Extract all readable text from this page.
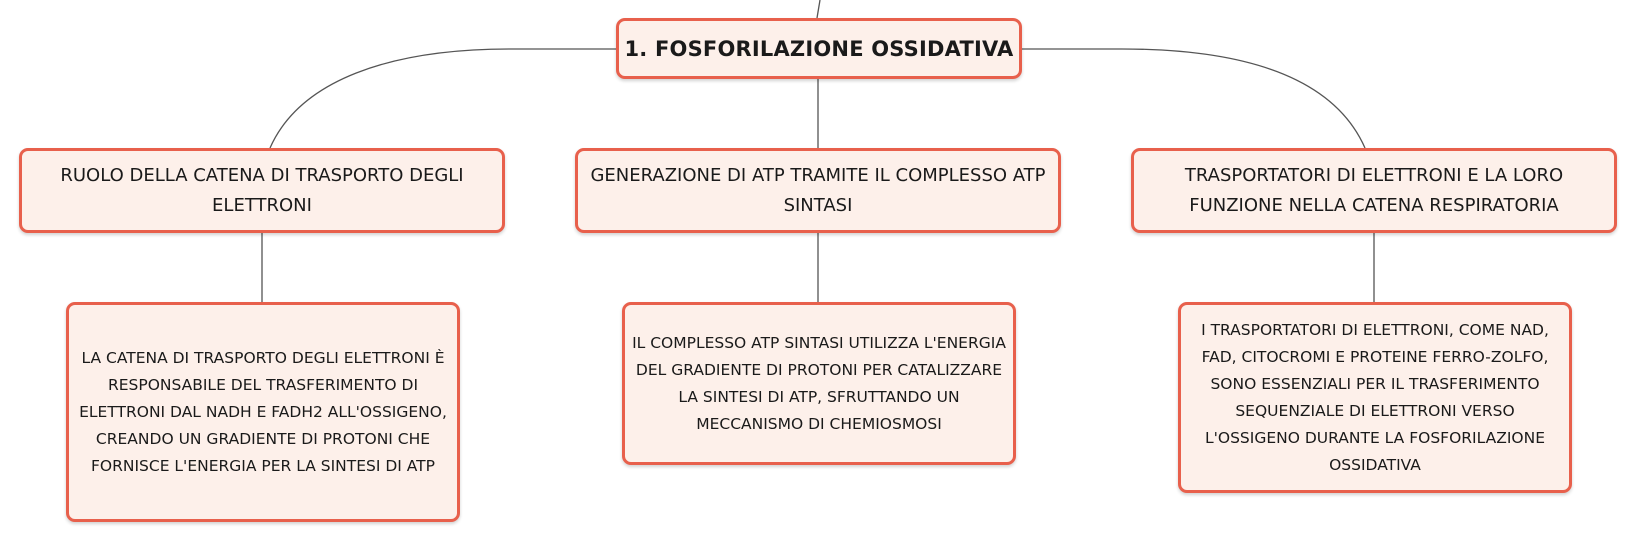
1. FOSFORILAZIONE OSSIDATIVA
RUOLO DELLA CATENA DI TRASPORTO DEGLI ELETTRONI
GENERAZIONE DI ATP TRAMITE IL COMPLESSO ATP SINTASI
TRASPORTATORI DI ELETTRONI E LA LORO FUNZIONE NELLA CATENA RESPIRATORIA
LA CATENA DI TRASPORTO DEGLI ELETTRONI È RESPONSABILE DEL TRASFERIMENTO DI ELETTRONI DAL NADH E FADH2 ALL'OSSIGENO, CREANDO UN GRADIENTE DI PROTONI CHE FORNISCE L'ENERGIA PER LA SINTESI DI ATP
IL COMPLESSO ATP SINTASI UTILIZZA L'ENERGIA DEL GRADIENTE DI PROTONI PER CATALIZZARE LA SINTESI DI ATP, SFRUTTANDO UN MECCANISMO DI CHEMIOSMOSI
I TRASPORTATORI DI ELETTRONI, COME NAD, FAD, CITOCROMI E PROTEINE FERRO-ZOLFO, SONO ESSENZIALI PER IL TRASFERIMENTO SEQUENZIALE DI ELETTRONI VERSO L'OSSIGENO DURANTE LA FOSFORILAZIONE OSSIDATIVA
